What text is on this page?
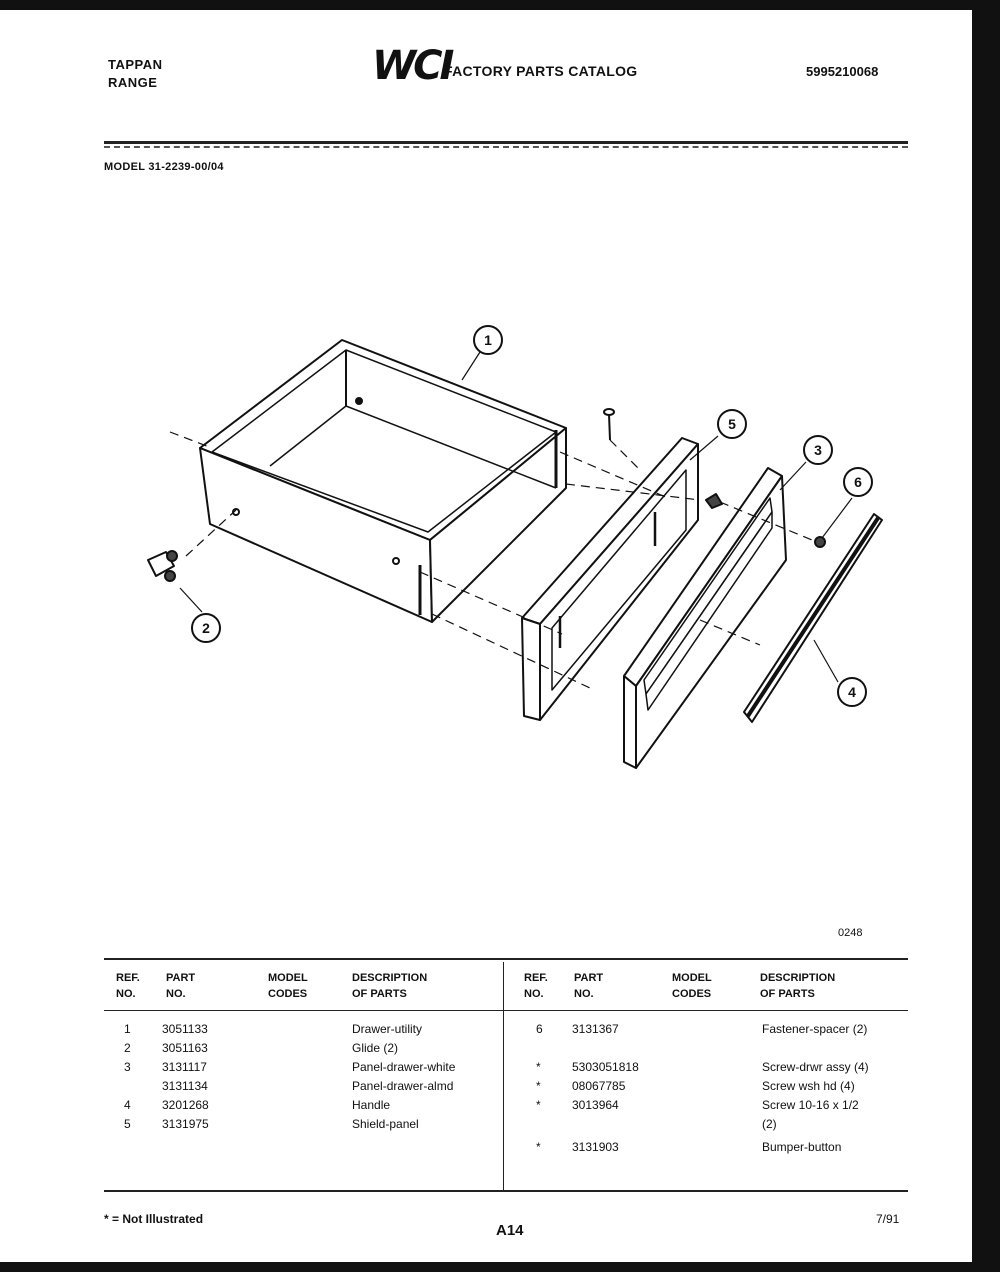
TAPPAN
RANGE	WCI
FACTORY PARTS CATALOG	5995210068
MODEL 31-2239-00/04
1
2
3
4
5
6
0248
REF.
NO.
PART
NO.
MODEL
CODES
DESCRIPTION
OF PARTS
REF.
NO.
PART
NO.
MODEL
CODES
DESCRIPTION
OF PARTS
1	3051133	Drawer-utility
2	3051163	Glide (2)
3	3131117	Panel-drawer-white
3131134	Panel-drawer-almd
4	3201268	Handle
5	3131975	Shield-panel
6 3131367	Fastener-spacer (2)
*	5303051818	Screw-drwr assy (4)
*	08067785	Screw wsh hd (4)
*	3013964	Screw 10-16 x 1/2
(2)
*	3131903	Bumper-button
* = Not Illustrated
A14
7/91
